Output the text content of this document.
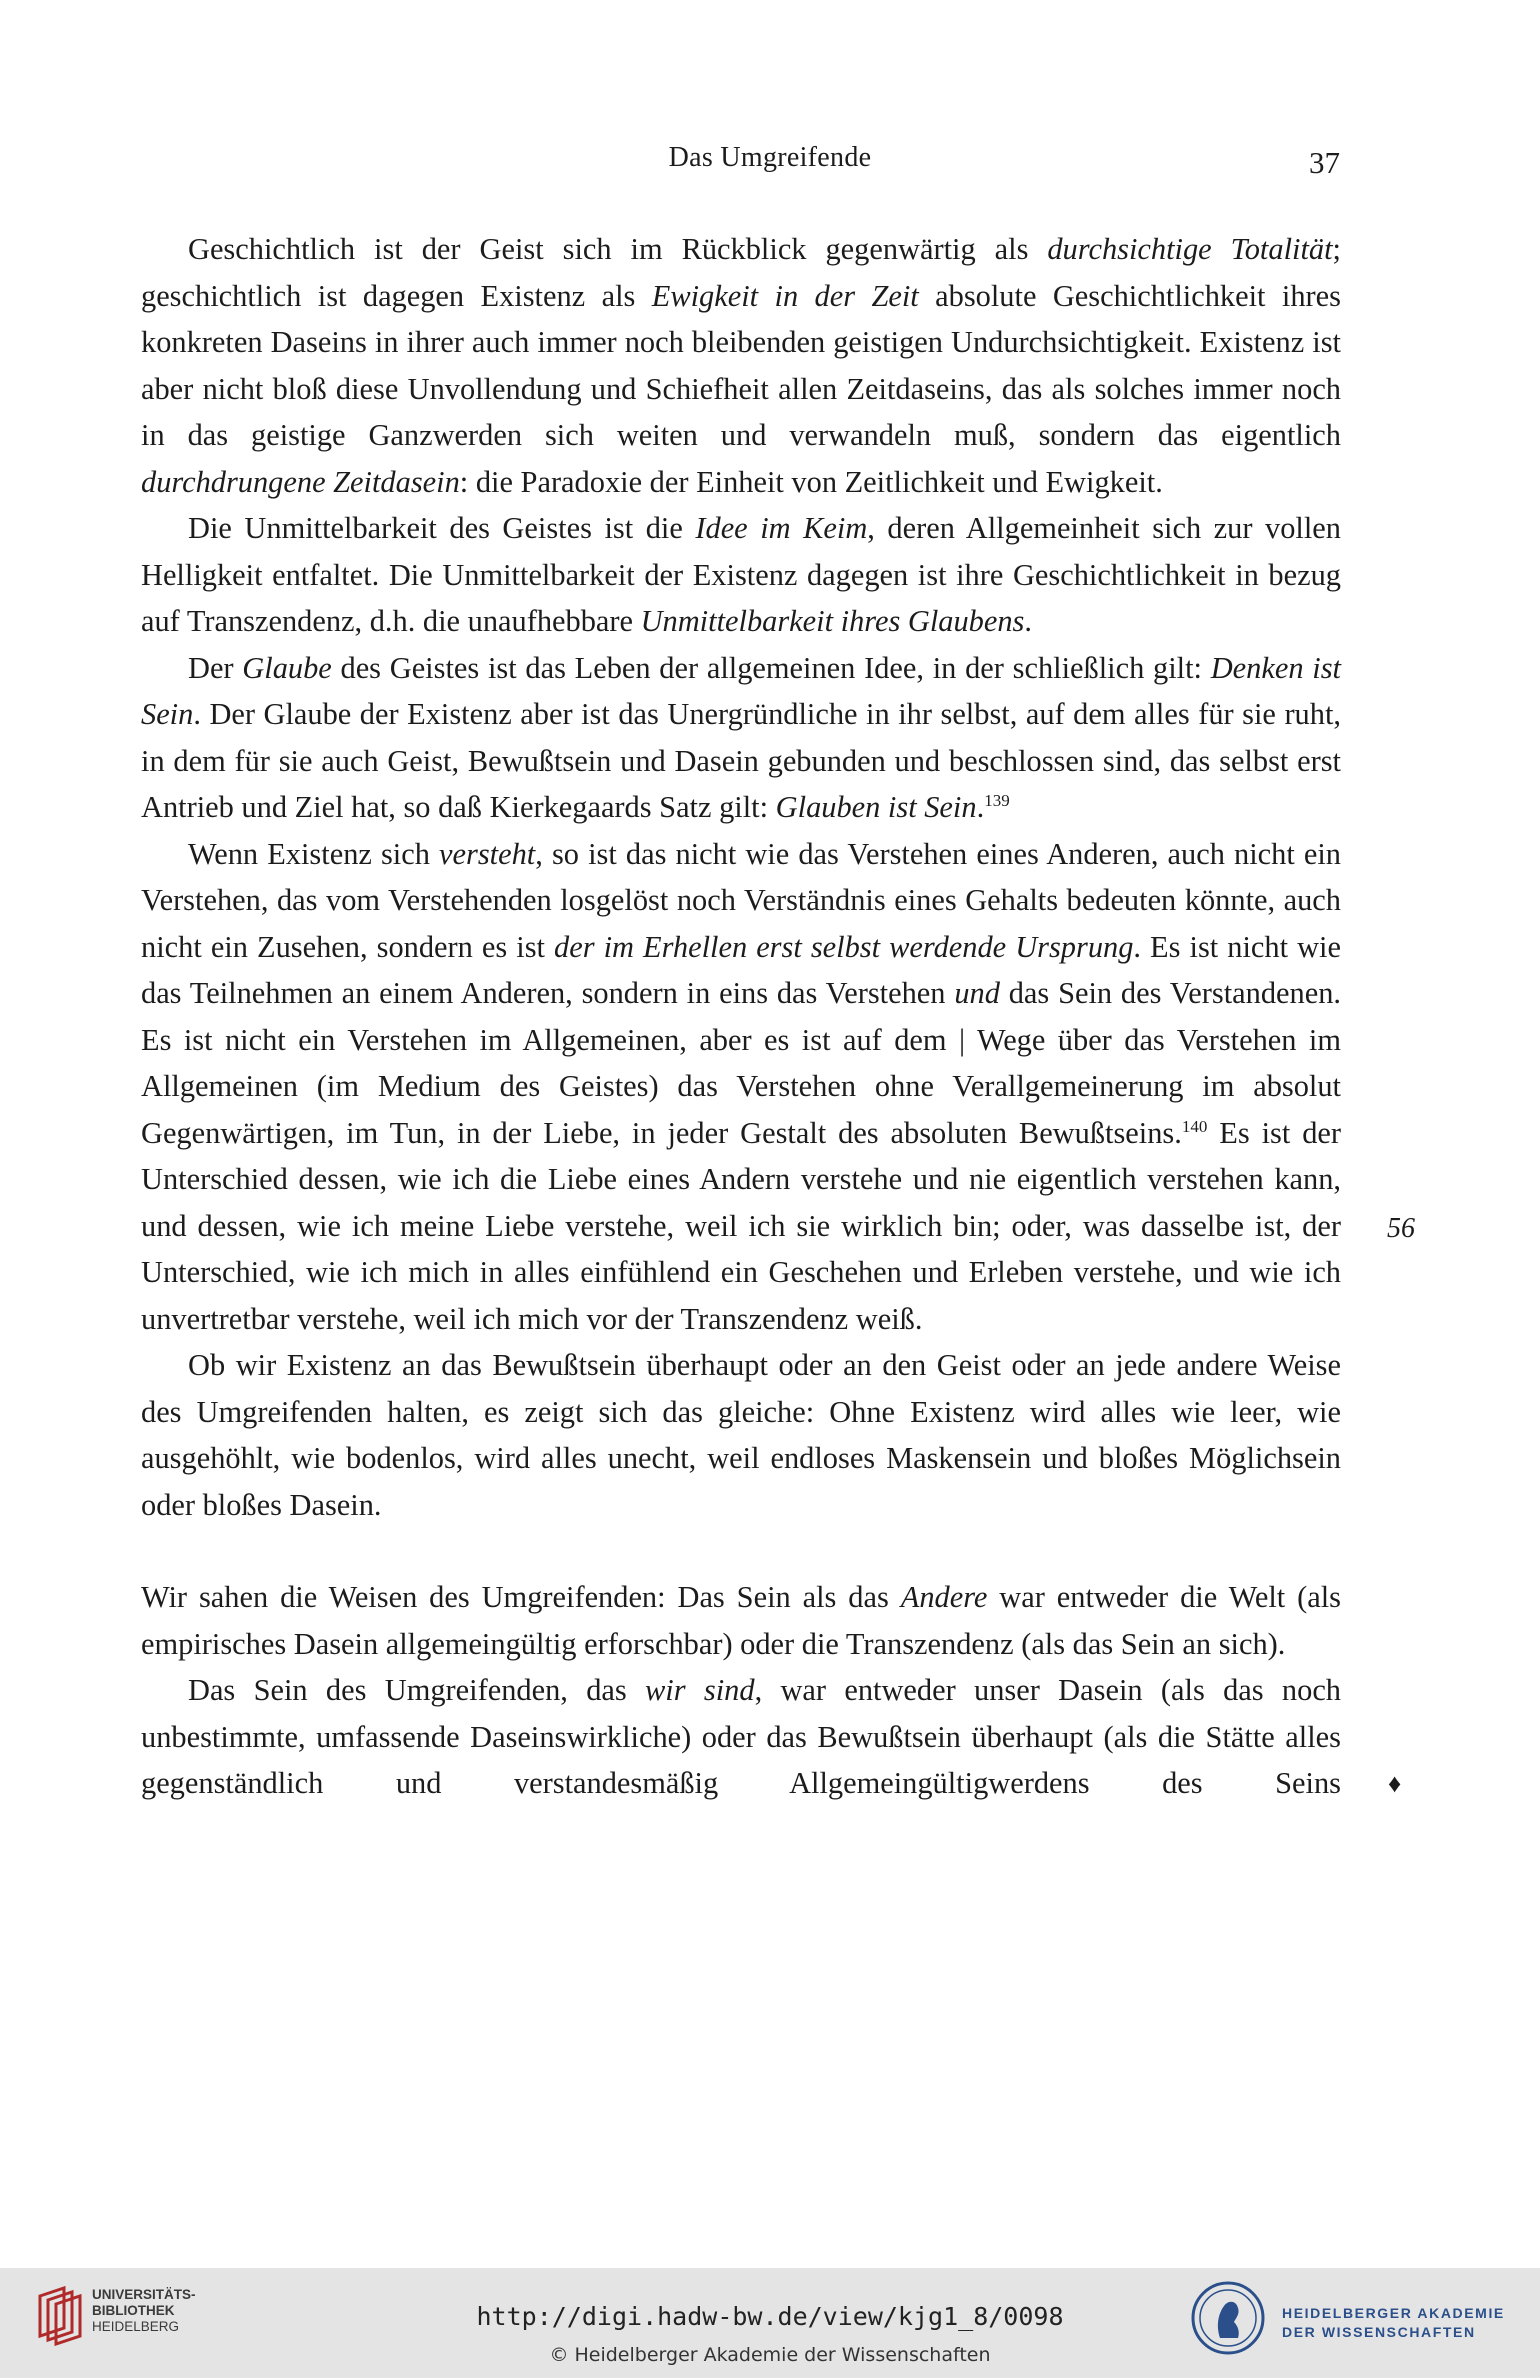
Das Umgreifende	37

Geschichtlich ist der Geist sich im Rückblick gegenwärtig als durchsichtige Totalität; geschichtlich ist dagegen Existenz als Ewigkeit in der Zeit absolute Geschichtlichkeit ihres konkreten Daseins in ihrer auch immer noch bleibenden geistigen Undurchsichtigkeit. Existenz ist aber nicht bloß diese Unvollendung und Schiefheit allen Zeitdaseins, das als solches immer noch in das geistige Ganzwerden sich weiten und verwandeln muß, sondern das eigentlich durchdrungene Zeitdasein: die Paradoxie der Einheit von Zeitlichkeit und Ewigkeit.

Die Unmittelbarkeit des Geistes ist die Idee im Keim, deren Allgemeinheit sich zur vollen Helligkeit entfaltet. Die Unmittelbarkeit der Existenz dagegen ist ihre Geschichtlichkeit in bezug auf Transzendenz, d.h. die unaufhebbare Unmittelbarkeit ihres Glaubens.

Der Glaube des Geistes ist das Leben der allgemeinen Idee, in der schließlich gilt: Denken ist Sein. Der Glaube der Existenz aber ist das Unergründliche in ihr selbst, auf dem alles für sie ruht, in dem für sie auch Geist, Bewußtsein und Dasein gebunden und beschlossen sind, das selbst erst Antrieb und Ziel hat, so daß Kierkegaards Satz gilt: Glauben ist Sein.$^{139}$

Wenn Existenz sich versteht, so ist das nicht wie das Verstehen eines Anderen, auch nicht ein Verstehen, das vom Verstehenden losgelöst noch Verständnis eines Gehalts bedeuten könnte, auch nicht ein Zusehen, sondern es ist der im Erhellen erst selbst werdende Ursprung. Es ist nicht wie das Teilnehmen an einem Anderen, sondern in eins das Verstehen und das Sein des Verstandenen. Es ist nicht ein Verstehen im Allgemeinen, aber es ist auf dem | Wege über das Verstehen im Allgemeinen (im Medium des Geistes) das Verstehen ohne Verallgemeinerung im absolut Gegenwärtigen, im Tun, in der Liebe, in jeder Gestalt des absoluten Bewußtseins.$^{140}$ Es ist der Unterschied dessen, wie ich die Liebe eines Andern verstehe und nie eigentlich verstehen kann, und dessen, wie ich meine Liebe verstehe, weil ich sie wirklich bin; oder, was dasselbe ist, der Unterschied, wie ich mich in alles einfühlend ein Geschehen und Erleben verstehe, und wie ich unvertretbar verstehe, weil ich mich vor der Transzendenz weiß.

Ob wir Existenz an das Bewußtsein überhaupt oder an den Geist oder an jede andere Weise des Umgreifenden halten, es zeigt sich das gleiche: Ohne Existenz wird alles wie leer, wie ausgehöhlt, wie bodenlos, wird alles unecht, weil endloses Maskensein und bloßes Möglichsein oder bloßes Dasein.

Wir sahen die Weisen des Umgreifenden: Das Sein als das Andere war entweder die Welt (als empirisches Dasein allgemeingültig erforschbar) oder die Transzendenz (als das Sein an sich).

Das Sein des Umgreifenden, das wir sind, war entweder unser Dasein (als das noch unbestimmte, umfassende Daseinswirkliche) oder das Bewußtsein überhaupt (als die Stätte alles gegenständlich und verstandesmäßig Allgemeingültigwerdens des Seins

56
♦
UNIVERSITÄTS-
BIBLIOTHEK
HEIDELBERG	http://digi.hadw-bw.de/view/kjg1_8/0098
© Heidelberger Akademie der Wissenschaften
HEIDELBERGER AKADEMIE
DER WISSENSCHAFTEN
